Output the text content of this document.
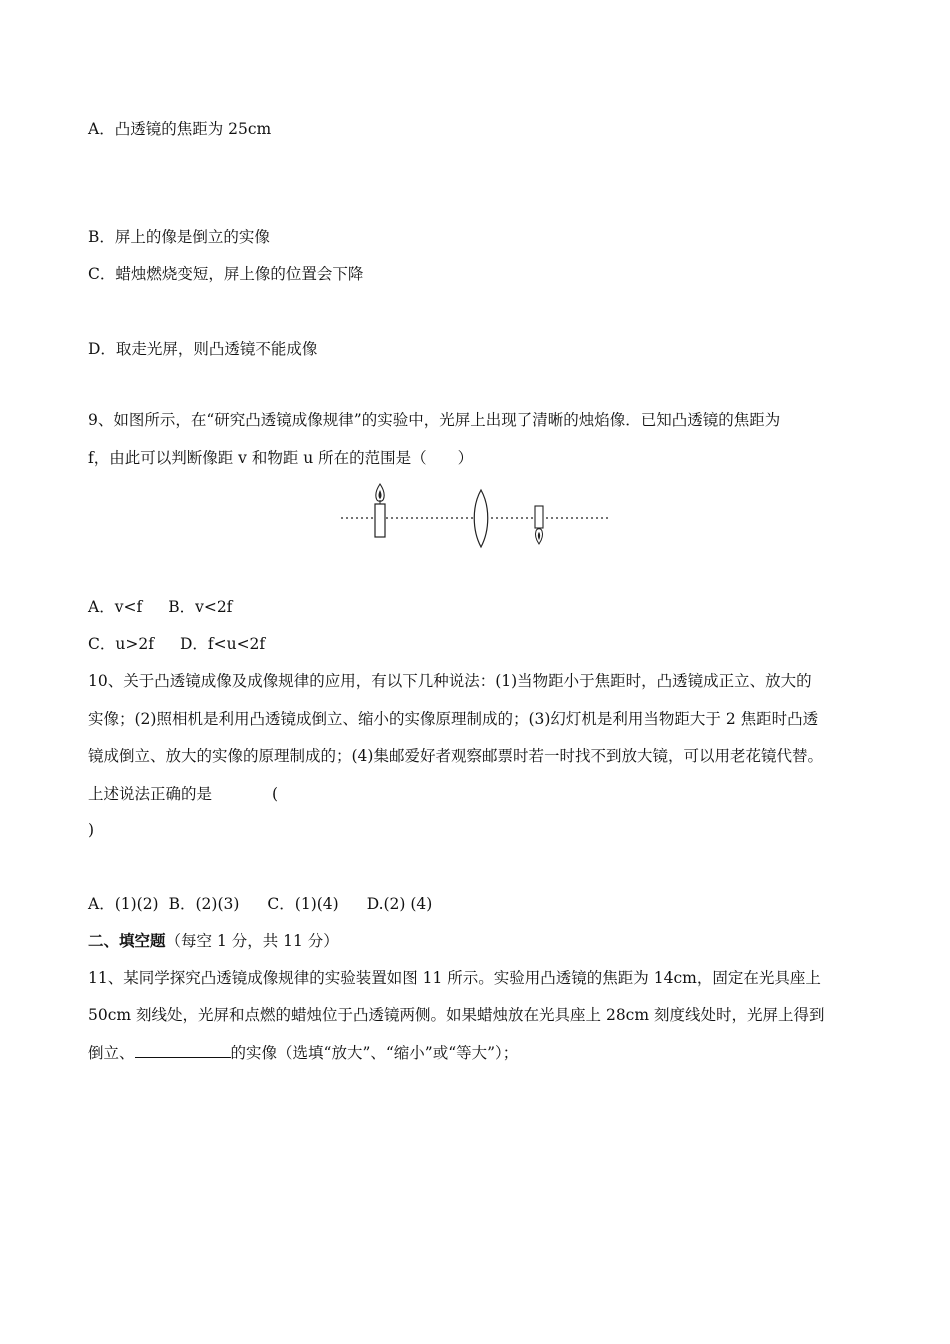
A．凸透镜的焦距为 25cm
B．屏上的像是倒立的实像
C．蜡烛燃烧变短，屏上像的位置会下降
D．取走光屏，则凸透镜不能成像
9、如图所示，在“研究凸透镜成像规律”的实验中，光屏上出现了清晰的烛焰像．已知凸透镜的焦距为
f，由此可以判断像距 v 和物距 u 所在的范围是（　　）
A．v<f B．v<2f
C．u>2f D．f<u<2f
10、关于凸透镜成像及成像规律的应用，有以下几种说法：(1)当物距小于焦距时，凸透镜成正立、放大的
实像；(2)照相机是利用凸透镜成倒立、缩小的实像原理制成的；(3)幻灯机是利用当物距大于 2 焦距时凸透
镜成倒立、放大的实像的原理制成的；(4)集邮爱好者观察邮票时若一时找不到放大镜，可以用老花镜代替。
上述说法正确的是	(
)
A．(1)(2) B．(2)(3) C．(1)(4) D.(2) (4)
二、填空题（每空 1 分，共 11 分）
11、某同学探究凸透镜成像规律的实验装置如图 11 所示。实验用凸透镜的焦距为 14cm，固定在光具座上
50cm 刻线处，光屏和点燃的蜡烛位于凸透镜两侧。如果蜡烛放在光具座上 28cm 刻度线处时，光屏上得到
倒立、	的实像（选填“放大”、“缩小”或“等大”）；
